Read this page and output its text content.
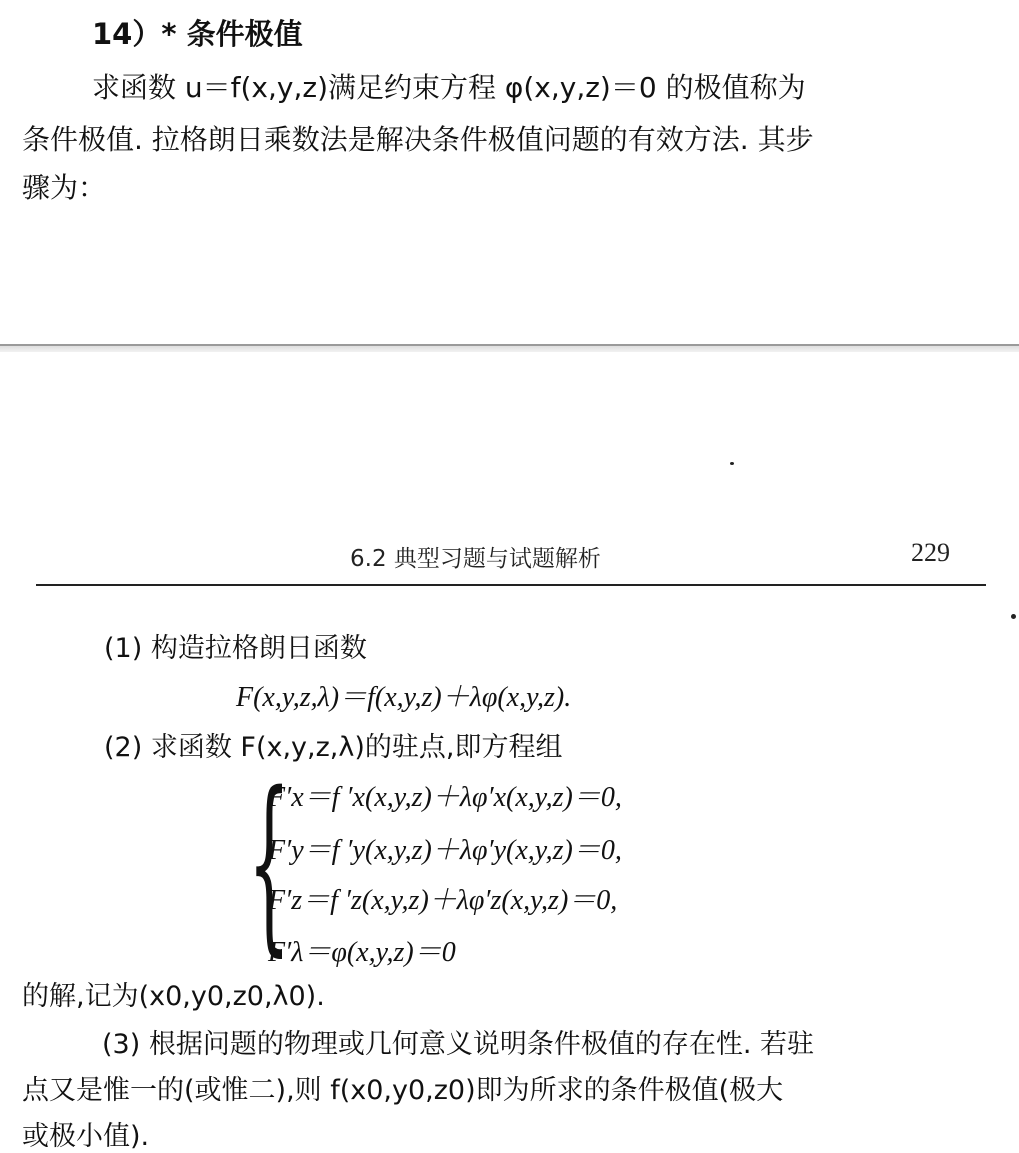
14）* 条件极值
求函数 u＝f(x,y,z)满足约束方程 φ(x,y,z)＝0 的极值称为
条件极值. 拉格朗日乘数法是解决条件极值问题的有效方法. 其步
骤为：
6.2 典型习题与试题解析	229
(1) 构造拉格朗日函数
F(x,y,z,λ)＝f(x,y,z)＋λφ(x,y,z).
(2) 求函数 F(x,y,z,λ)的驻点,即方程组
{
F′x＝f ′x(x,y,z)＋λφ′x(x,y,z)＝0,
F′y＝f ′y(x,y,z)＋λφ′y(x,y,z)＝0,
F′z＝f ′z(x,y,z)＋λφ′z(x,y,z)＝0,
F′λ＝φ(x,y,z)＝0
的解,记为(x0,y0,z0,λ0).
(3) 根据问题的物理或几何意义说明条件极值的存在性. 若驻
点又是惟一的(或惟二),则 f(x0,y0,z0)即为所求的条件极值(极大
或极小值).
